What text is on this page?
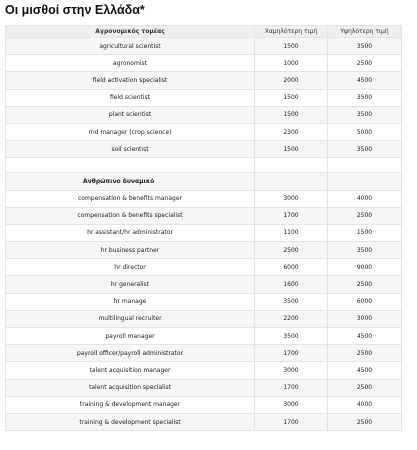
Οι μισθοί στην Ελλάδα*
Αγρονομικός τομέας	Χαμηλότερη τιμή	Υψηλότερη τιμή
agricultural scientist	1500	3500
agronomist	1000	2500
field activation specialist	2000	4500
field scientist	1500	3500
plant scientist	1500	3500
rnd manager (crop science)	2300	5000
soil scientist	1500	3500

Ανθρώπινο δυναμικό		
compensation & benefits manager	3000	4000
compensation & benefits specialist	1700	2500
hr assistant/hr administrator	1100	1500
hr business partner	2500	3500
hr director	6000	9000
hr generalist	1600	2500
hr manage	3500	6000
multilingual recruiter	2200	3000
payroll manager	3500	4500
payroll officer/payroll administrator	1700	2500
talent acquisition manager	3000	4500
talent acquisition specialist	1700	2500
training & development manager	3000	4000
training & development specialist	1700	2500
